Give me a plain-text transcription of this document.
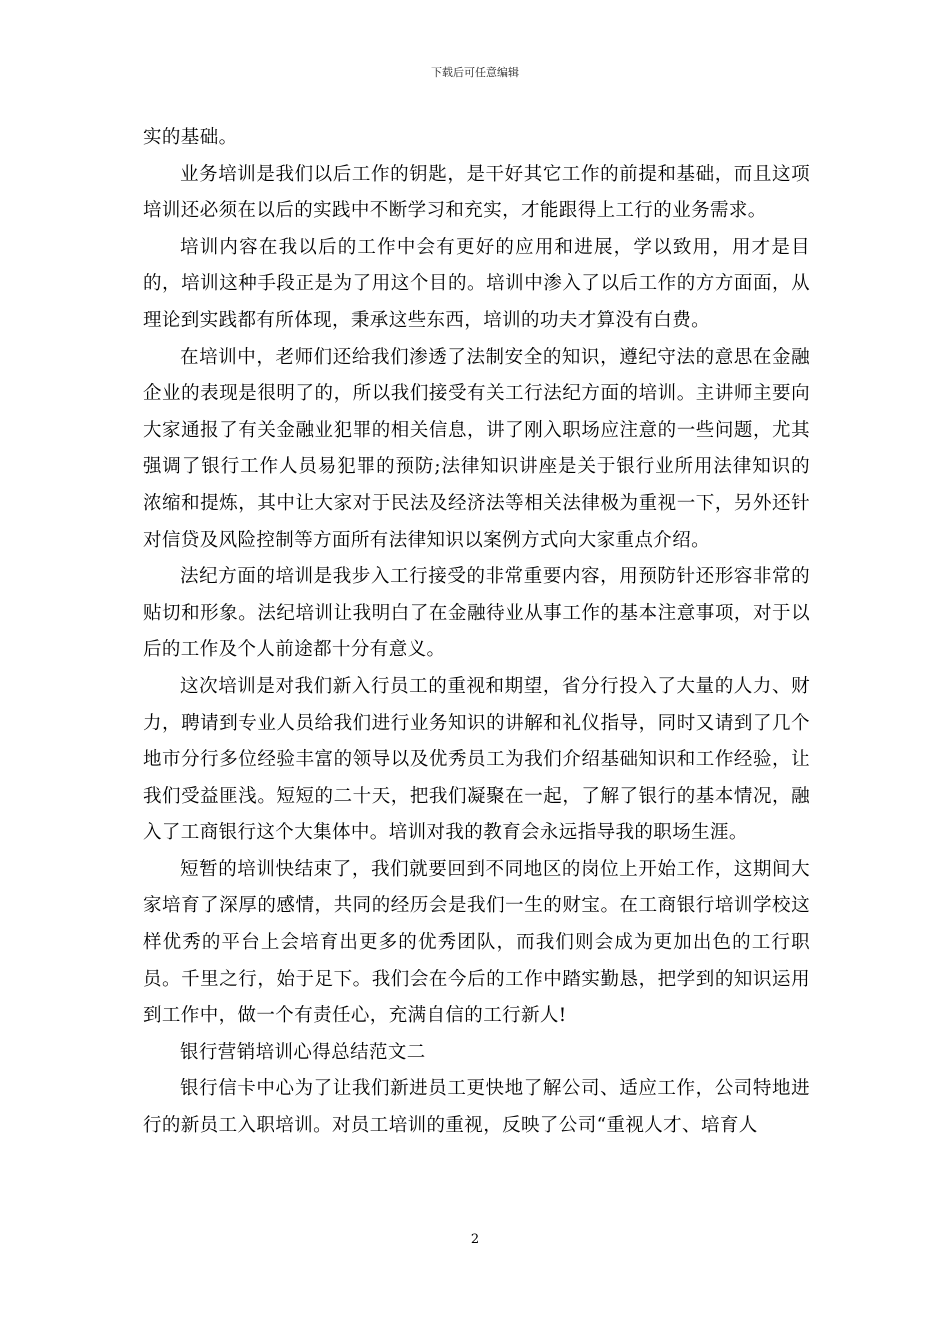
下载后可任意编辑

实的基础。

业务培训是我们以后工作的钥匙，是干好其它工作的前提和基础，而且这项培训还必须在以后的实践中不断学习和充实，才能跟得上工行的业务需求。

培训内容在我以后的工作中会有更好的应用和进展，学以致用，用才是目的，培训这种手段正是为了用这个目的。培训中渗入了以后工作的方方面面，从理论到实践都有所体现，秉承这些东西，培训的功夫才算没有白费。

在培训中，老师们还给我们渗透了法制安全的知识，遵纪守法的意思在金融企业的表现是很明了的，所以我们接受有关工行法纪方面的培训。主讲师主要向大家通报了有关金融业犯罪的相关信息，讲了刚入职场应注意的一些问题，尤其强调了银行工作人员易犯罪的预防;法律知识讲座是关于银行业所用法律知识的浓缩和提炼，其中让大家对于民法及经济法等相关法律极为重视一下，另外还针对信贷及风险控制等方面所有法律知识以案例方式向大家重点介绍。

法纪方面的培训是我步入工行接受的非常重要内容，用预防针还形容非常的贴切和形象。法纪培训让我明白了在金融待业从事工作的基本注意事项，对于以后的工作及个人前途都十分有意义。

这次培训是对我们新入行员工的重视和期望，省分行投入了大量的人力、财力，聘请到专业人员给我们进行业务知识的讲解和礼仪指导，同时又请到了几个地市分行多位经验丰富的领导以及优秀员工为我们介绍基础知识和工作经验，让我们受益匪浅。短短的二十天，把我们凝聚在一起，了解了银行的基本情况，融入了工商银行这个大集体中。培训对我的教育会永远指导我的职场生涯。

短暂的培训快结束了，我们就要回到不同地区的岗位上开始工作，这期间大家培育了深厚的感情，共同的经历会是我们一生的财宝。在工商银行培训学校这样优秀的平台上会培育出更多的优秀团队，而我们则会成为更加出色的工行职员。千里之行，始于足下。我们会在今后的工作中踏实勤恳，把学到的知识运用到工作中，做一个有责任心，充满自信的工行新人!

银行营销培训心得总结范文二

银行信卡中心为了让我们新进员工更快地了解公司、适应工作，公司特地进行的新员工入职培训。对员工培训的重视，反映了公司“重视人才、培育人

2
